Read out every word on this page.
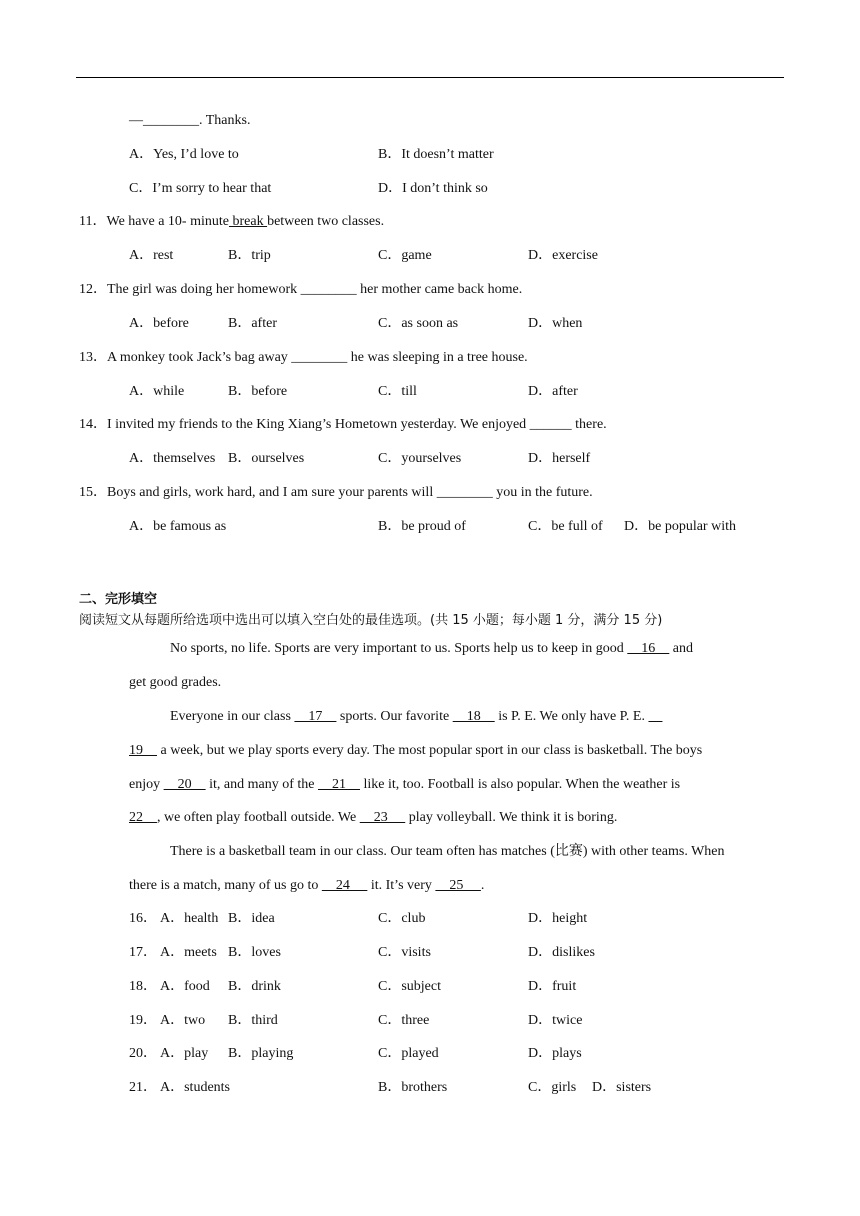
—________. Thanks.
A．Yes, I’d love to	B．It doesn’t matter
C．I’m sorry to hear that	D．I don’t think so
11．We have a 10- minute break between two classes.
A．rest	B．trip	C．game	D．exercise
12．The girl was doing her homework ________ her mother came back home.
A．before	B．after	C．as soon as	D．when
13．A monkey took Jack’s bag away ________ he was sleeping in a tree house.
A．while	B．before	C．till	D．after
14．I invited my friends to the King Xiang’s Hometown yesterday. We enjoyed ______ there.
A．themselves B．ourselves	C．yourselves	D．herself
15．Boys and girls, work hard, and I am sure your parents will ________ you in the future.
A．be famous as	B．be proud of	C．be full of D．be popular with
二、完形填空
阅读短文从每题所给选项中选出可以填入空白处的最佳选项。(共 15 小题；每小题 1 分，满分 15 分)
No sports, no life. Sports are very important to us. Sports help us to keep in good     16     and
get good grades.
Everyone in our class     17     sports. Our favorite     18     is P. E. We only have P. E.
19     a week, but we play sports every day. The most popular sport in our class is basketball. The boys
enjoy     20     it, and many of the     21     like it, too. Football is also popular. When the weather is
22    , we often play football outside. We     23      play volleyball. We think it is boring.
There is a basketball team in our class. Our team often has matches (比赛) with other teams. When
there is a match, many of us go to     24      it. It’s very     25     .
16． A．health B．idea	C．club	D．height
17． A．meets B．loves	C．visits	D．dislikes
18． A．food B．drink	C．subject	D．fruit
19． A．two B．third	C．three	D．twice
20． A．play B．playing	C．played	D．plays
21． A．students	B．brothers	C．girls D．sisters
